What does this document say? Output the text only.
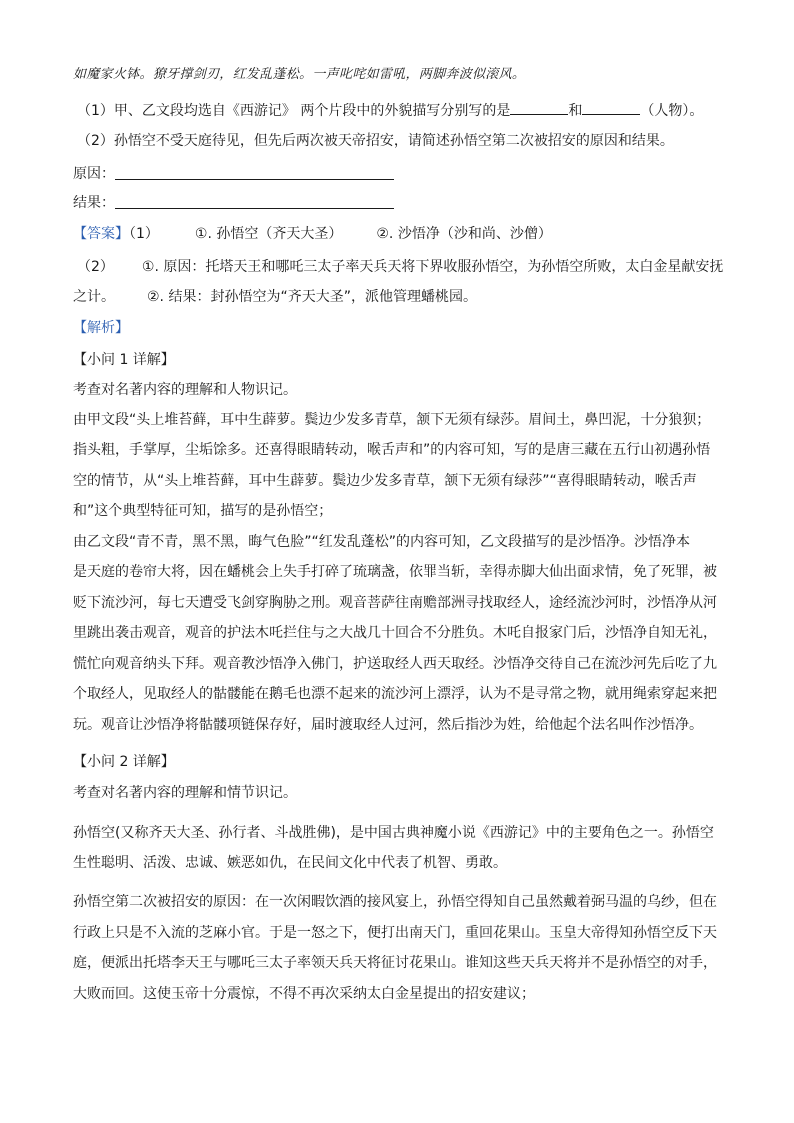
如魔家火钵。獠牙撑剑刃，红发乱蓬松。一声叱咤如雷吼，两脚奔波似滚风。
（1）甲、乙文段均选自《西游记》 两个片段中的外貌描写分别写的是	和	（人物）。
（2）孙悟空不受天庭待见，但先后两次被天帝招安，请简述孙悟空第二次被招安的原因和结果。
原因：
结果：
【答案】（1）	①. 孙悟空（齐天大圣） ②. 沙悟净（沙和尚、沙僧）
（2） ①. 原因：托塔天王和哪吒三太子率天兵天将下界收服孙悟空，为孙悟空所败，太白金星献安抚
之计。 ②. 结果：封孙悟空为“齐天大圣”，派他管理蟠桃园。
【解析】
【小问 1 详解】
考查对名著内容的理解和人物识记。
由甲文段“头上堆苔藓，耳中生薜萝。鬓边少发多青草，颔下无须有绿莎。眉间土，鼻凹泥，十分狼狈；
指头粗，手掌厚，尘垢馀多。还喜得眼睛转动，喉舌声和”的内容可知，写的是唐三藏在五行山初遇孙悟
空的情节，从“头上堆苔藓，耳中生薜萝。鬓边少发多青草，颔下无须有绿莎”“喜得眼睛转动，喉舌声
和”这个典型特征可知，描写的是孙悟空；
由乙文段“青不青，黑不黑，晦气色脸”“红发乱蓬松”的内容可知，乙文段描写的是沙悟净。沙悟净本
是天庭的卷帘大将，因在蟠桃会上失手打碎了琉璃盏，依罪当斩，幸得赤脚大仙出面求情，免了死罪，被
贬下流沙河，每七天遭受飞剑穿胸胁之刑。观音菩萨往南赡部洲寻找取经人，途经流沙河时，沙悟净从河
里跳出袭击观音，观音的护法木吒拦住与之大战几十回合不分胜负。木吒自报家门后，沙悟净自知无礼，
慌忙向观音纳头下拜。观音教沙悟净入佛门，护送取经人西天取经。沙悟净交待自己在流沙河先后吃了九
个取经人，见取经人的骷髅能在鹅毛也漂不起来的流沙河上漂浮，认为不是寻常之物，就用绳索穿起来把
玩。观音让沙悟净将骷髅项链保存好，届时渡取经人过河，然后指沙为姓，给他起个法名叫作沙悟净。
【小问 2 详解】
考查对名著内容的理解和情节识记。
孙悟空(又称齐天大圣、孙行者、斗战胜佛)，是中国古典神魔小说《西游记》中的主要角色之一。孙悟空
生性聪明、活泼、忠诚、嫉恶如仇，在民间文化中代表了机智、勇敢。
孙悟空第二次被招安的原因：在一次闲暇饮酒的接风宴上，孙悟空得知自己虽然戴着弼马温的乌纱，但在
行政上只是不入流的芝麻小官。于是一怒之下，便打出南天门，重回花果山。玉皇大帝得知孙悟空反下天
庭，便派出托塔李天王与哪吒三太子率领天兵天将征讨花果山。谁知这些天兵天将并不是孙悟空的对手，
大败而回。这使玉帝十分震惊，不得不再次采纳太白金星提出的招安建议；
